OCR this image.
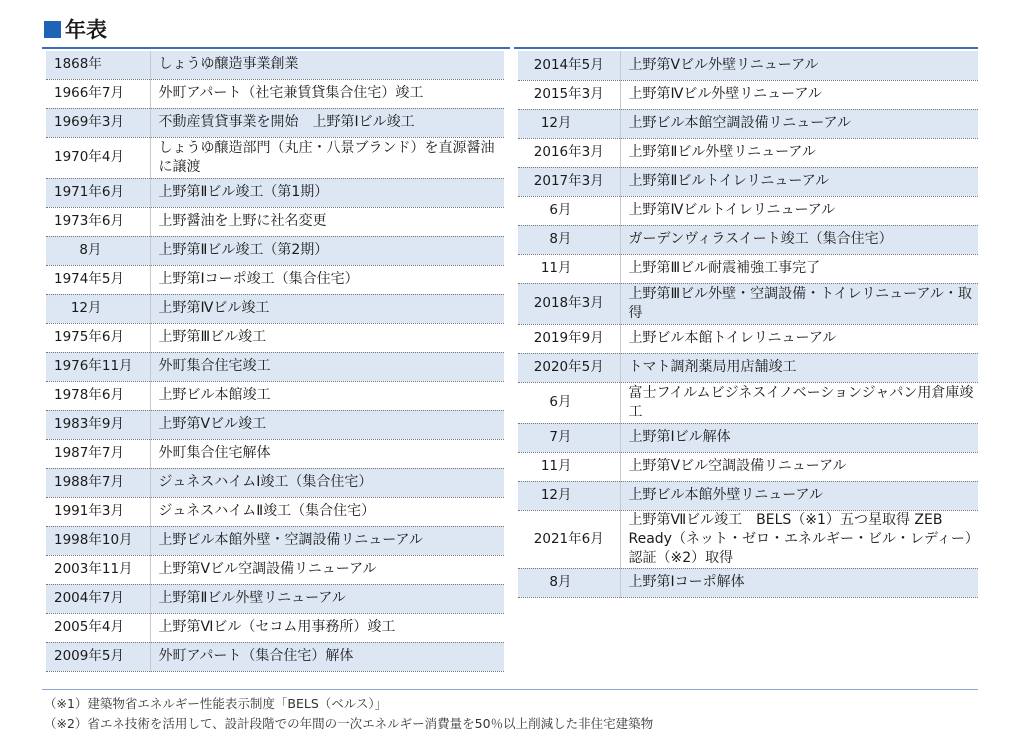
年表
1868年	しょうゆ醸造事業創業
1966年7月	外町アパート（社宅兼賃貸集合住宅）竣工
1969年3月	不動産賃貸事業を開始　上野第Ⅰビル竣工
1970年4月	しょうゆ醸造部門（丸庄・八景ブランド）を直源醤油に譲渡
1971年6月	上野第Ⅱビル竣工（第1期）
1973年6月	上野醤油を上野に社名変更
8月	上野第Ⅱビル竣工（第2期）
1974年5月	上野第Ⅰコーポ竣工（集合住宅）
12月	上野第Ⅳビル竣工
1975年6月	上野第Ⅲビル竣工
1976年11月	外町集合住宅竣工
1978年6月	上野ビル本館竣工
1983年9月	上野第Ⅴビル竣工
1987年7月	外町集合住宅解体
1988年7月	ジュネスハイムⅠ竣工（集合住宅）
1991年3月	ジュネスハイムⅡ竣工（集合住宅）
1998年10月	上野ビル本館外壁・空調設備リニューアル
2003年11月	上野第Ⅴビル空調設備リニューアル
2004年7月	上野第Ⅱビル外壁リニューアル
2005年4月	上野第Ⅵビル（セコム用事務所）竣工
2009年5月	外町アパート（集合住宅）解体
2014年5月	上野第Ⅴビル外壁リニューアル
2015年3月	上野第Ⅳビル外壁リニューアル
12月	上野ビル本館空調設備リニューアル
2016年3月	上野第Ⅱビル外壁リニューアル
2017年3月	上野第Ⅱビルトイレリニューアル
6月	上野第Ⅳビルトイレリニューアル
8月	ガーデンヴィラスイート竣工（集合住宅）
11月	上野第Ⅲビル耐震補強工事完了
2018年3月	上野第Ⅲビル外壁・空調設備・トイレリニューアル・取得
2019年9月	上野ビル本館トイレリニューアル
2020年5月	トマト調剤薬局用店舗竣工
6月	富士フイルムビジネスイノベーションジャパン用倉庫竣工
7月	上野第Ⅰビル解体
11月	上野第Ⅴビル空調設備リニューアル
12月	上野ビル本館外壁リニューアル
2021年6月	上野第Ⅶビル竣工　BELS（※1）五つ星取得 ZEB Ready（ネット・ゼロ・エネルギー・ビル・レディー）認証（※2）取得
8月	上野第Ⅰコーポ解体
（※1）建築物省エネルギー性能表示制度「BELS（ベルス）」
（※2）省エネ技術を活用して、設計段階での年間の一次エネルギー消費量を50％以上削減した非住宅建築物
